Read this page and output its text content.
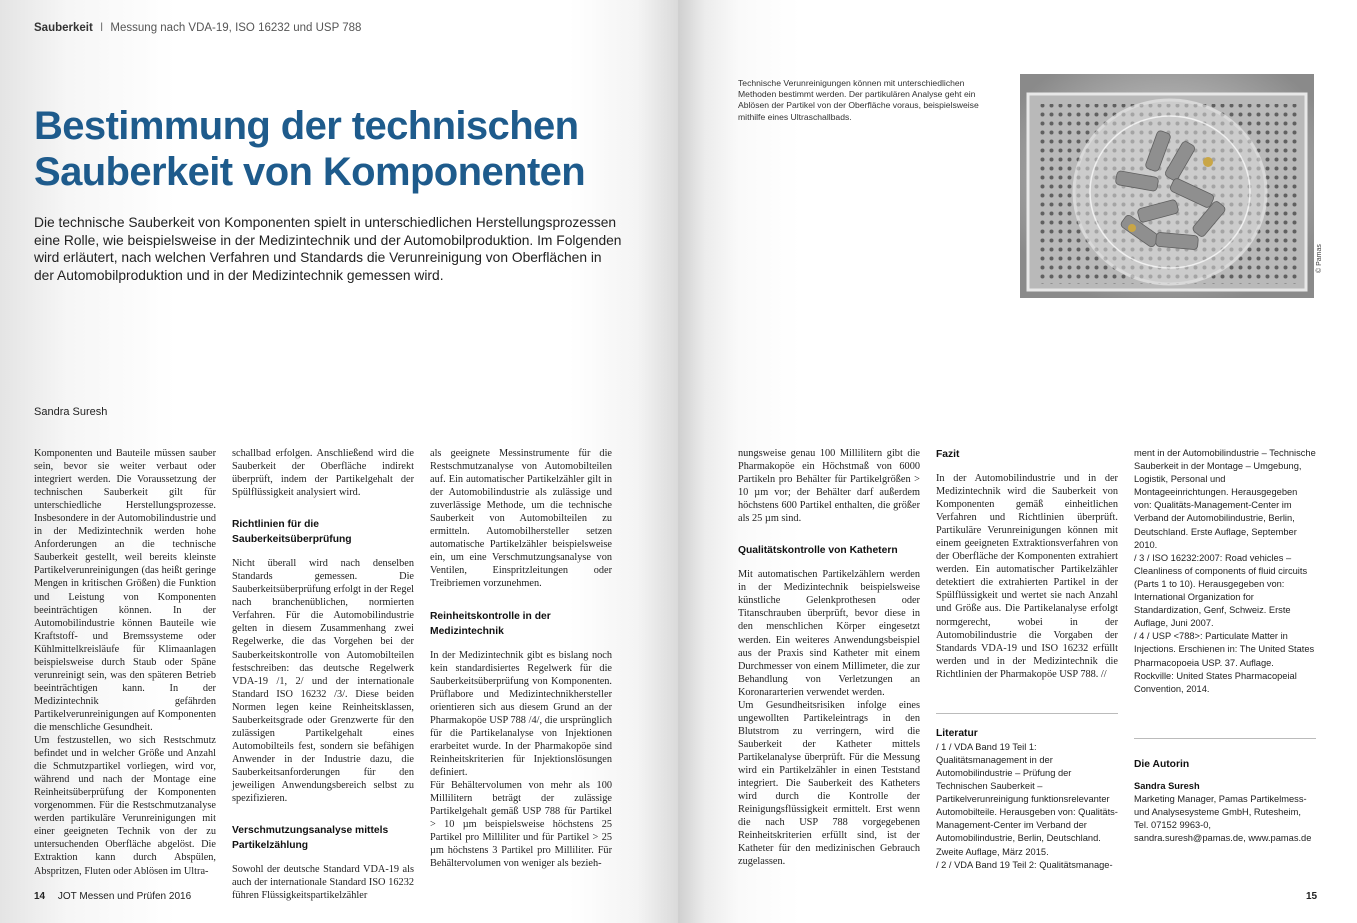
Sauberkeit I Messung nach VDA-19, ISO 16232 und USP 788
Bestimmung der technischen
Sauberkeit von Komponenten

Die technische Sauberkeit von Komponenten spielt in unterschiedlichen Herstellungsprozessen eine Rolle, wie beispielsweise in der Medizintechnik und der Automobilproduktion. Im Folgenden wird erläutert, nach welchen Verfahren und Standards die Verunreinigung von Oberflächen in der Automobilproduktion und in der Medizintechnik gemessen wird.

Sandra Suresh

Komponenten und Bauteile müssen sauber sein, bevor sie weiter verbaut oder integriert werden. Die Voraussetzung der technischen Sauberkeit gilt für unterschiedliche Herstellungsprozesse. Insbesondere in der Automobilindustrie und in der Medizintechnik werden hohe Anforderungen an die technische Sauberkeit gestellt, weil bereits kleinste Partikelverunreinigungen (das heißt geringe Mengen in kritischen Größen) die Funktion und Leistung von Komponenten beeinträchtigen können. In der Automobilindustrie können Bauteile wie Kraftstoff- und Bremssysteme oder Kühlmittelkreisläufe für Klimaanlagen beispielsweise durch Staub oder Späne verunreinigt sein, was den späteren Betrieb beeinträchtigen kann. In der Medizintechnik gefährden Partikelverunreinigungen auf Komponenten die menschliche Gesundheit.

Um festzustellen, wo sich Restschmutz befindet und in welcher Größe und Anzahl die Schmutzpartikel vorliegen, wird vor, während und nach der Montage eine Reinheitsüberprüfung der Komponenten vorgenommen. Für die Restschmutzanalyse werden partikuläre Verunreinigungen mit einer geeigneten Technik von der zu untersuchenden Oberfläche abgelöst. Die Extraktion kann durch Abspülen, Abspritzen, Fluten oder Ablösen im Ultra-

schallbad erfolgen. Anschließend wird die Sauberkeit der Oberfläche indirekt überprüft, indem der Partikelgehalt der Spülflüssigkeit analysiert wird.

Richtlinien für die Sauberkeitsüberprüfung

Nicht überall wird nach denselben Standards gemessen. Die Sauberkeitsüberprüfung erfolgt in der Regel nach branchenüblichen, normierten Verfahren. Für die Automobilindustrie gelten in diesem Zusammenhang zwei Regelwerke, die das Vorgehen bei der Sauberkeitskontrolle von Automobilteilen festschreiben: das deutsche Regelwerk VDA-19 /1, 2/ und der internationale Standard ISO 16232 /3/. Diese beiden Normen legen keine Reinheitsklassen, Sauberkeitsgrade oder Grenzwerte für den zulässigen Partikelgehalt eines Automobilteils fest, sondern sie befähigen Anwender in der Industrie dazu, die Sauberkeitsanforderungen für den jeweiligen Anwendungsbereich selbst zu spezifizieren.

Verschmutzungsanalyse mittels Partikelzählung

Sowohl der deutsche Standard VDA-19 als auch der internationale Standard ISO 16232 führen Flüssigkeitspartikelzähler

als geeignete Messinstrumente für die Restschmutzanalyse von Automobilteilen auf. Ein automatischer Partikelzähler gilt in der Automobilindustrie als zulässige und zuverlässige Methode, um die technische Sauberkeit von Automobilteilen zu ermitteln. Automobilhersteller setzen automatische Partikelzähler beispielsweise ein, um eine Verschmutzungsanalyse von Ventilen, Einspritzleitungen oder Treibriemen vorzunehmen.

Reinheitskontrolle in der Medizintechnik

In der Medizintechnik gibt es bislang noch kein standardisiertes Regelwerk für die Sauberkeitsüberprüfung von Komponenten. Prüflabore und Medizintechnikhersteller orientieren sich aus diesem Grund an der Pharmakopöe USP 788 /4/, die ursprünglich für die Partikelanalyse von Injektionen erarbeitet wurde. In der Pharmakopöe sind Reinheitskriterien für Injektionslösungen definiert.

Für Behältervolumen von mehr als 100 Millilitern beträgt der zulässige Partikelgehalt gemäß USP 788 für Partikel > 10 µm beispielsweise höchstens 25 Partikel pro Milliliter und für Partikel > 25 µm höchstens 3 Partikel pro Milliliter. Für Behältervolumen von weniger als bezieh-

14 JOT Messen und Prüfen 2016
Technische Verunreinigungen können mit unterschiedlichen Methoden bestimmt werden. Der partikulären Analyse geht ein Ablösen der Partikel von der Oberfläche voraus, beispielsweise mithilfe eines Ultraschallbads.
© Pamas

nungsweise genau 100 Millilitern gibt die Pharmakopöe ein Höchstmaß von 6000 Partikeln pro Behälter für Partikelgrößen > 10 µm vor; der Behälter darf außerdem höchstens 600 Partikel enthalten, die größer als 25 µm sind.

Qualitätskontrolle von Kathetern

Mit automatischen Partikelzählern werden in der Medizintechnik beispielsweise künstliche Gelenkprothesen oder Titanschrauben überprüft, bevor diese in den menschlichen Körper eingesetzt werden. Ein weiteres Anwendungsbeispiel aus der Praxis sind Katheter mit einem Durchmesser von einem Millimeter, die zur Behandlung von Verletzungen an Koronararterien verwendet werden.

Um Gesundheitsrisiken infolge eines ungewollten Partikeleintrags in den Blutstrom zu verringern, wird die Sauberkeit der Katheter mittels Partikelanalyse überprüft. Für die Messung wird ein Partikelzähler in einen Teststand integriert. Die Sauberkeit des Katheters wird durch die Kontrolle der Reinigungsflüssigkeit ermittelt. Erst wenn die nach USP 788 vorgegebenen Reinheitskriterien erfüllt sind, ist der Katheter für den medizinischen Gebrauch zugelassen.

Fazit

In der Automobilindustrie und in der Medizintechnik wird die Sauberkeit von Komponenten gemäß einheitlichen Verfahren und Richtlinien überprüft. Partikuläre Verunreinigungen können mit einem geeigneten Extraktionsverfahren von der Oberfläche der Komponenten extrahiert werden. Ein automatischer Partikelzähler detektiert die extrahierten Partikel in der Spülflüssigkeit und wertet sie nach Anzahl und Größe aus. Die Partikelanalyse erfolgt normgerecht, wobei in der Automobilindustrie die Vorgaben der Standards VDA-19 und ISO 16232 erfüllt werden und in der Medizintechnik die Richtlinien der Pharmakopöe USP 788. //

Literatur

/ 1 / VDA Band 19 Teil 1: Qualitätsmanagement in der Automobilindustrie – Prüfung der Technischen Sauberkeit – Partikelverunreinigung funktionsrelevanter Automobilteile. Herausgeben von: Qualitäts-Management-Center im Verband der Automobilindustrie, Berlin, Deutschland. Zweite Auflage, März 2015.

/ 2 / VDA Band 19 Teil 2: Qualitätsmanage-

ment in der Automobilindustrie – Technische Sauberkeit in der Montage – Umgebung, Logistik, Personal und Montageeinrichtungen. Herausgegeben von: Qualitäts-Management-Center im Verband der Automobilindustrie, Berlin, Deutschland. Erste Auflage, September 2010.

/ 3 / ISO 16232:2007: Road vehicles – Cleanliness of components of fluid circuits (Parts 1 to 10). Herausgegeben von: International Organization for Standardization, Genf, Schweiz. Erste Auflage, Juni 2007.

/ 4 / USP <788>: Particulate Matter in Injections. Erschienen in: The United States Pharmacopoeia USP. 37. Auflage. Rockville: United States Pharmacopeial Convention, 2014.

Die Autorin
Sandra Suresh

Marketing Manager, Pamas Partikelmess- und Analysesysteme GmbH, Rutesheim, Tel. 07152 9963-0, sandra.suresh@pamas.de, www.pamas.de

15
